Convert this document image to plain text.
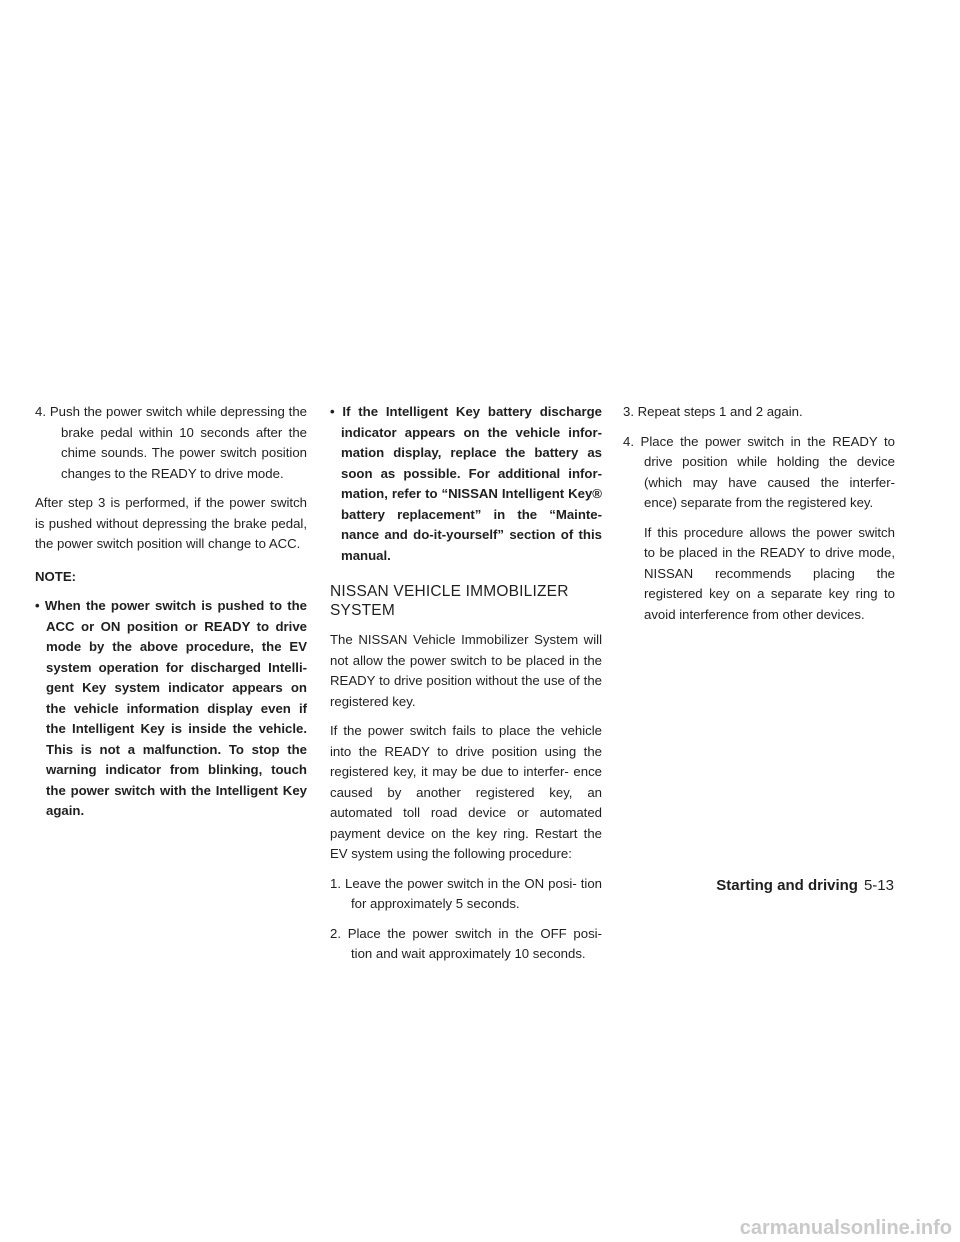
4. Push the power switch while depressing the brake pedal within 10 seconds after the chime sounds. The power switch position changes to the READY to drive mode.

After step 3 is performed, if the power switch is pushed without depressing the brake pedal, the power switch position will change to ACC.

NOTE:

• When the power switch is pushed to the ACC or ON position or READY to drive mode by the above procedure, the EV system operation for discharged Intelli- gent Key system indicator appears on the vehicle information display even if the Intelligent Key is inside the vehicle. This is not a malfunction. To stop the warning indicator from blinking, touch the power switch with the Intelligent Key again.

• If the Intelligent Key battery discharge indicator appears on the vehicle infor- mation display, replace the battery as soon as possible. For additional infor- mation, refer to “NISSAN Intelligent Key® battery replacement” in the “Mainte- nance and do-it-yourself” section of this manual.

NISSAN VEHICLE IMMOBILIZER SYSTEM

The NISSAN Vehicle Immobilizer System will not allow the power switch to be placed in the READY to drive position without the use of the registered key.

If the power switch fails to place the vehicle into the READY to drive position using the registered key, it may be due to interfer- ence caused by another registered key, an automated toll road device or automated payment device on the key ring. Restart the EV system using the following procedure:

1. Leave the power switch in the ON posi- tion for approximately 5 seconds.

2. Place the power switch in the OFF posi- tion and wait approximately 10 seconds.

3. Repeat steps 1 and 2 again.

4. Place the power switch in the READY to drive position while holding the device (which may have caused the interfer- ence) separate from the registered key.

If this procedure allows the power switch to be placed in the READY to drive mode, NISSAN recommends placing the registered key on a separate key ring to avoid interference from other devices.

Starting and driving 5-13
carmanualsonline.info
